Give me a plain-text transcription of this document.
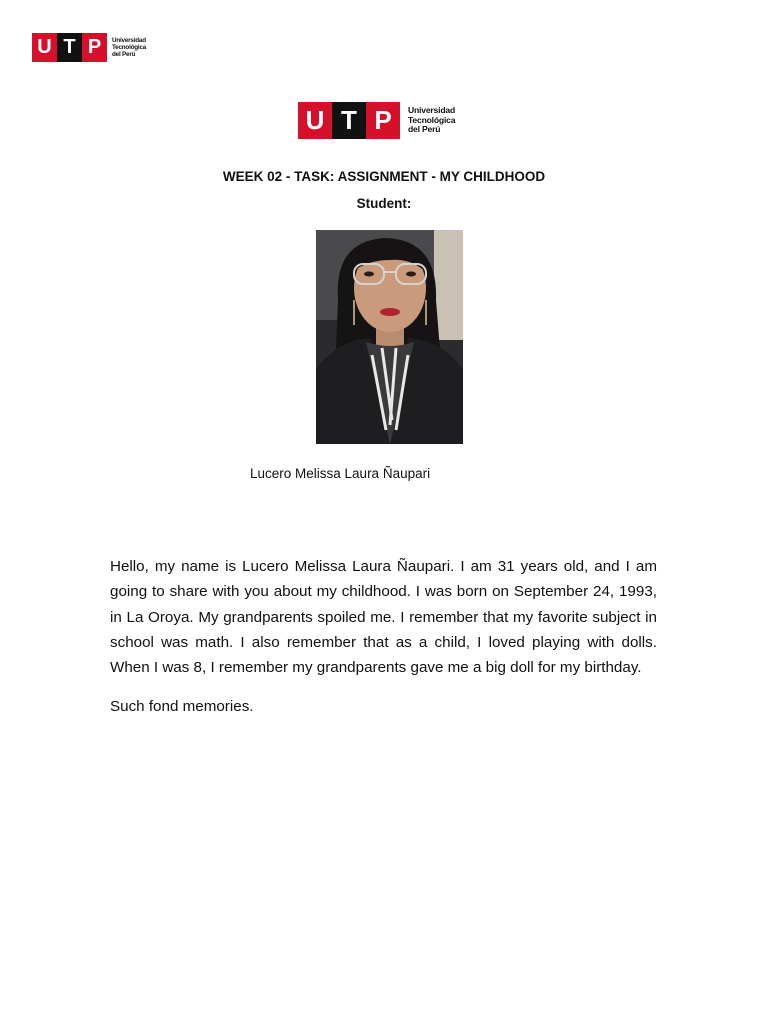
U T P	Universidad
Tecnológica
del Perú
U T P	Universidad
Tecnológica
del Perú
WEEK 02 - TASK: ASSIGNMENT - MY CHILDHOOD
Student:
Lucero Melissa Laura Ñaupari

Hello, my name is Lucero Melissa Laura Ñaupari. I am 31 years old, and I am going to share with you about my childhood. I was born on September 24, 1993, in La Oroya. My grandparents spoiled me. I remember that my favorite subject in school was math. I also remember that as a child, I loved playing with dolls. When I was 8, I remember my grandparents gave me a big doll for my birthday.

Such fond memories.
